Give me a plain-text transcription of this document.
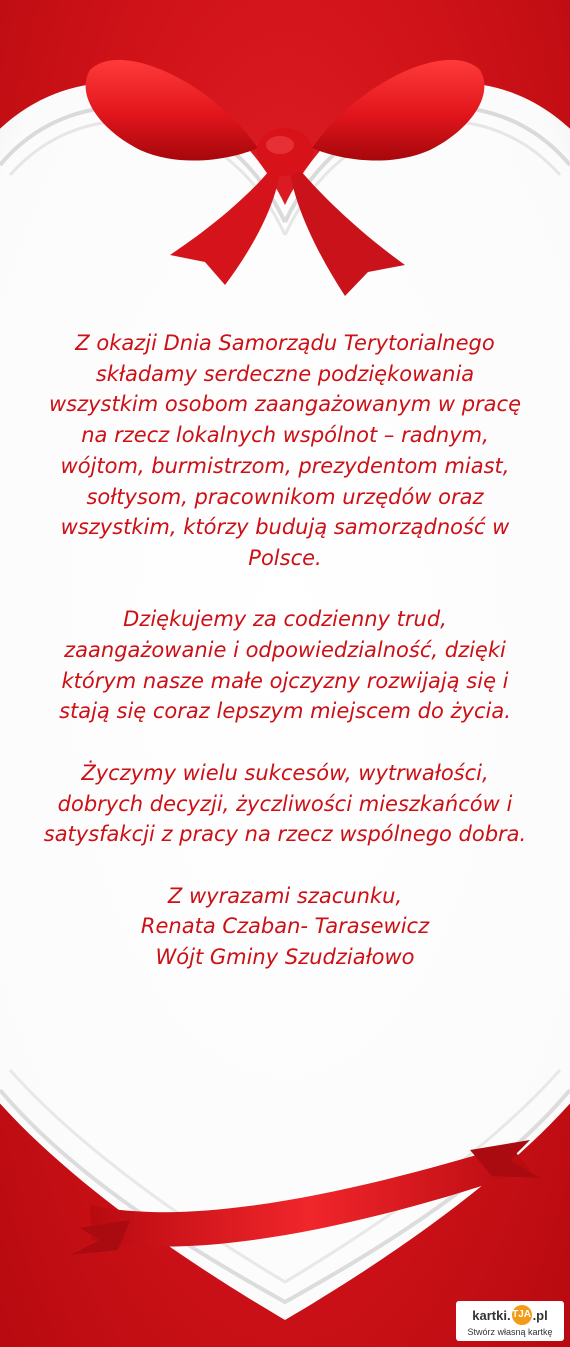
Z okazji Dnia Samorządu Terytorialnego
składamy serdeczne podziękowania
wszystkim osobom zaangażowanym w pracę
na rzecz lokalnych wspólnot – radnym,
wójtom, burmistrzom, prezydentom miast,
sołtysom, pracownikom urzędów oraz
wszystkim, którzy budują samorządność w
Polsce.
Dziękujemy za codzienny trud,
zaangażowanie i odpowiedzialność, dzięki
którym nasze małe ojczyzny rozwijają się i
stają się coraz lepszym miejscem do życia.
Życzymy wielu sukcesów, wytrwałości,
dobrych decyzji, życzliwości mieszkańców i
satysfakcji z pracy na rzecz wspólnego dobra.
Z wyrazami szacunku,
Renata Czaban- Tarasewicz
Wójt Gminy Szudziałowo
kartki. TJA .pl
Stwórz własną kartkę
